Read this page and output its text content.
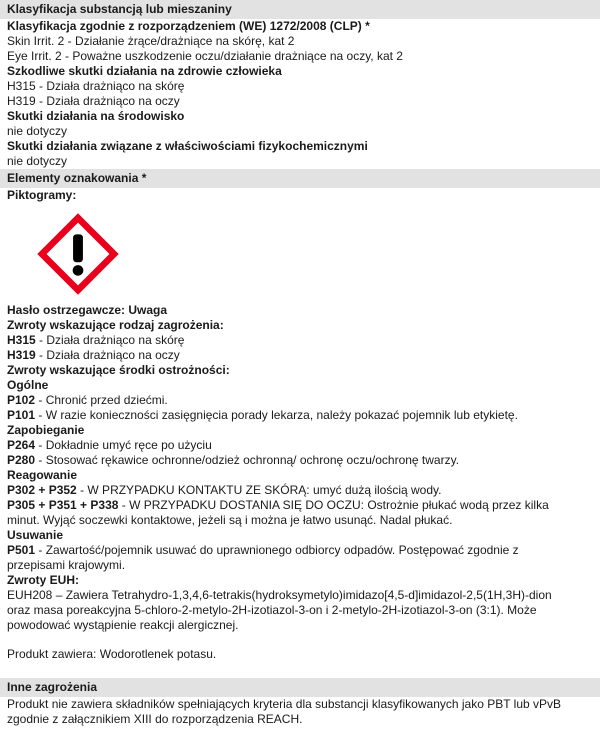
Klasyfikacja substancją lub mieszaniny
Klasyfikacja zgodnie z rozporządzeniem (WE) 1272/2008 (CLP) *
Skin Irrit. 2 - Działanie żrące/drażniące na skórę, kat 2
Eye Irrit. 2 - Poważne uszkodzenie oczu/działanie drażniące na oczy, kat 2
Szkodliwe skutki działania na zdrowie człowieka
H315 - Działa drażniąco na skórę
H319 - Działa drażniąco na oczy
Skutki działania na środowisko
nie dotyczy
Skutki działania związane z właściwościami fizykochemicznymi
nie dotyczy
Elementy oznakowania *
Piktogramy:
Hasło ostrzegawcze: Uwaga
Zwroty wskazujące rodzaj zagrożenia:
H315 - Działa drażniąco na skórę
H319 - Działa drażniąco na oczy
Zwroty wskazujące środki ostrożności:
Ogólne
P102 - Chronić przed dziećmi.
P101 - W razie konieczności zasięgnięcia porady lekarza, należy pokazać pojemnik lub etykietę.
Zapobieganie
P264 - Dokładnie umyć ręce po użyciu
P280 - Stosować rękawice ochronne/odzież ochronną/ ochronę oczu/ochronę twarzy.
Reagowanie
P302 + P352 - W PRZYPADKU KONTAKTU ZE SKÓRĄ: umyć dużą ilością wody.
P305 + P351 + P338 - W PRZYPADKU DOSTANIA SIĘ DO OCZU: Ostrożnie płukać wodą przez kilka
minut. Wyjąć soczewki kontaktowe, jeżeli są i można je łatwo usunąć. Nadal płukać.
Usuwanie
P501 - Zawartość/pojemnik usuwać do uprawnionego odbiorcy odpadów. Postępować zgodnie z
przepisami krajowymi.
Zwroty EUH:
EUH208 – Zawiera Tetrahydro-1,3,4,6-tetrakis(hydroksymetylo)imidazo[4,5-d]imidazol-2,5(1H,3H)-dion
oraz masa poreakcyjna 5-chloro-2-metylo-2H-izotiazol-3-on i 2-metylo-2H-izotiazol-3-on (3:1). Może
powodować wystąpienie reakcji alergicznej.
Produkt zawiera: Wodorotlenek potasu.
Inne zagrożenia
Produkt nie zawiera składników spełniających kryteria dla substancji klasyfikowanych jako PBT lub vPvB
zgodnie z załącznikiem XIII do rozporządzenia REACH.
